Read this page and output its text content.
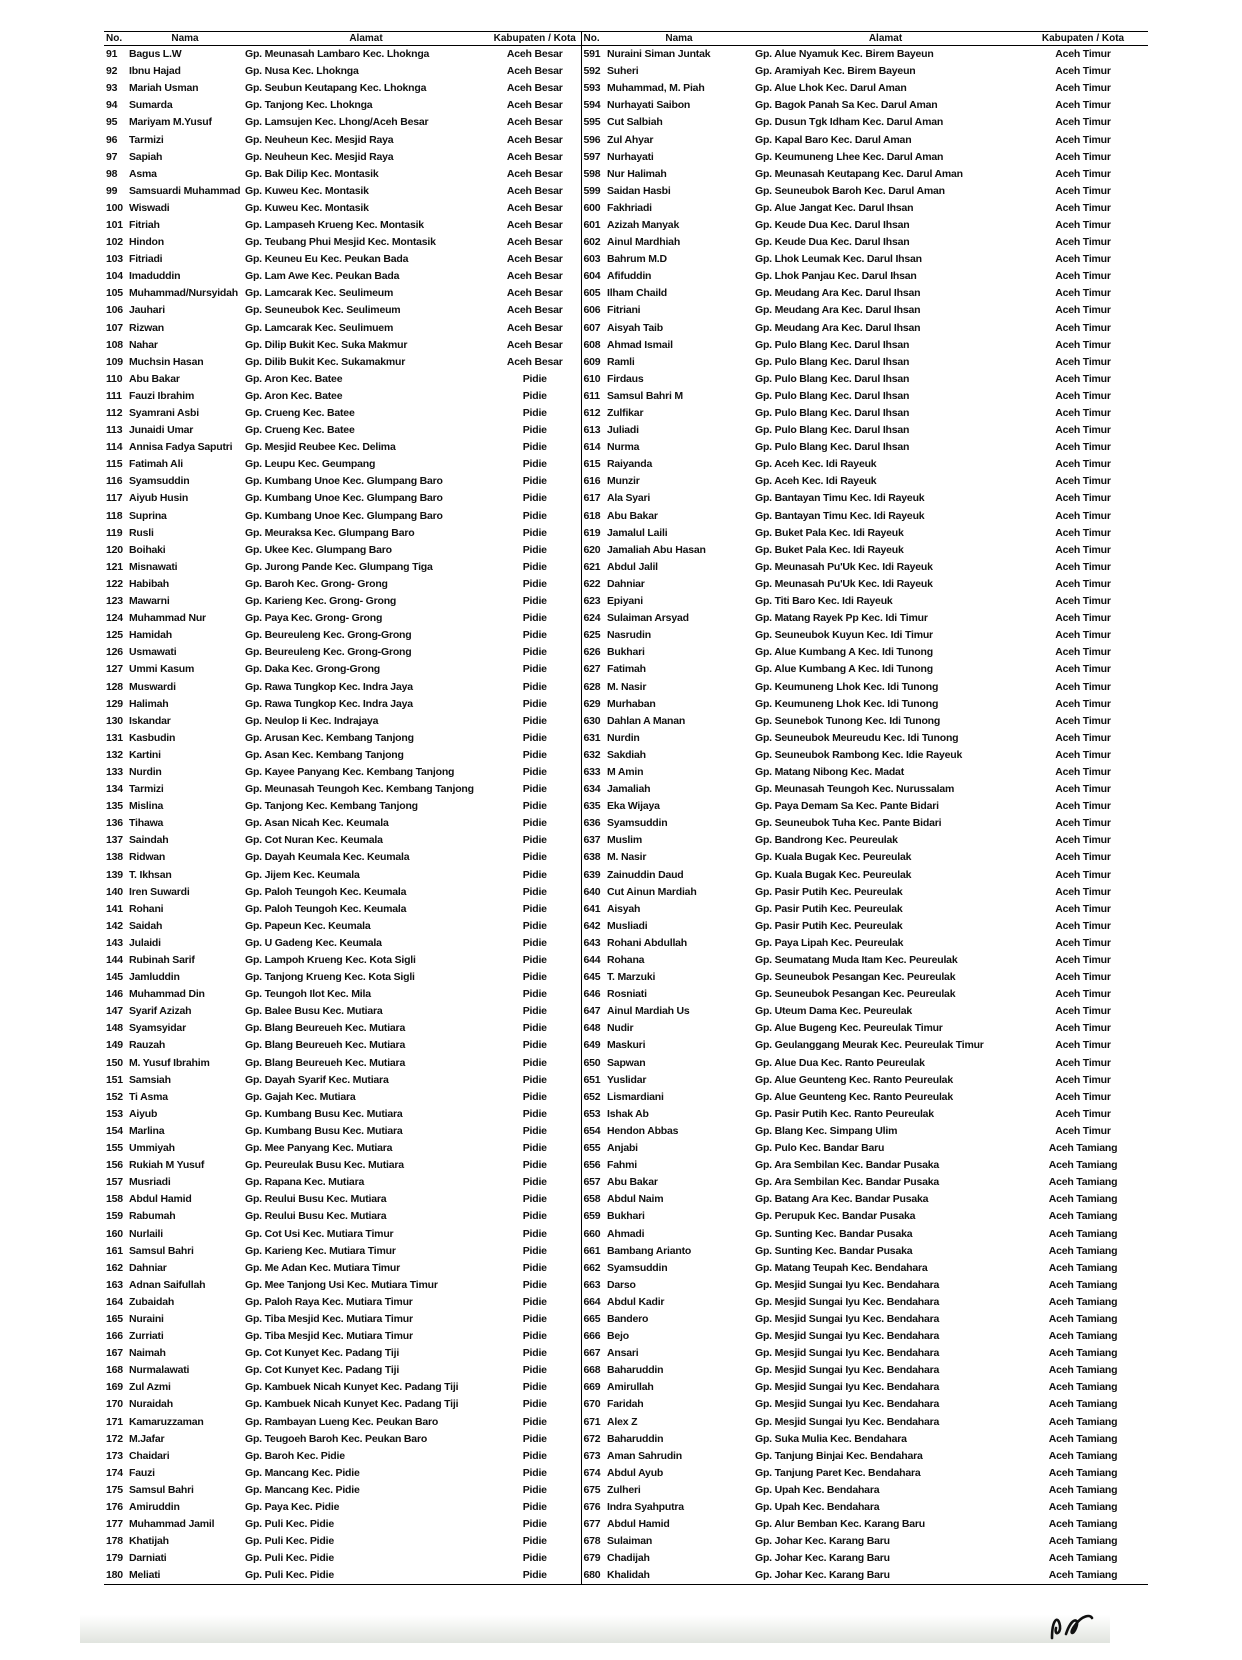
No.	Nama	Alamat	Kabupaten / Kota	No.	Nama	Alamat	Kabupaten / Kota
91	Bagus L.W	Gp. Meunasah Lambaro Kec. Lhoknga	Aceh Besar	591	Nuraini Siman Juntak	Gp. Alue Nyamuk Kec. Birem Bayeun	Aceh Timur
92	Ibnu Hajad	Gp. Nusa Kec. Lhoknga	Aceh Besar	592	Suheri	Gp. Aramiyah Kec. Birem Bayeun	Aceh Timur
93	Mariah Usman	Gp. Seubun Keutapang Kec. Lhoknga	Aceh Besar	593	Muhammad, M. Piah	Gp. Alue Lhok Kec. Darul Aman	Aceh Timur
94	Sumarda	Gp. Tanjong Kec. Lhoknga	Aceh Besar	594	Nurhayati Saibon	Gp. Bagok Panah Sa Kec. Darul Aman	Aceh Timur
95	Mariyam M.Yusuf	Gp. Lamsujen Kec. Lhong/Aceh Besar	Aceh Besar	595	Cut Salbiah	Gp. Dusun Tgk Idham Kec. Darul Aman	Aceh Timur
96	Tarmizi	Gp. Neuheun Kec. Mesjid Raya	Aceh Besar	596	Zul Ahyar	Gp. Kapal Baro Kec. Darul Aman	Aceh Timur
97	Sapiah	Gp. Neuheun Kec. Mesjid Raya	Aceh Besar	597	Nurhayati	Gp. Keumuneng Lhee Kec. Darul Aman	Aceh Timur
98	Asma	Gp. Bak Dilip Kec. Montasik	Aceh Besar	598	Nur Halimah	Gp. Meunasah Keutapang Kec. Darul Aman	Aceh Timur
99	Samsuardi Muhammad	Gp. Kuweu Kec. Montasik	Aceh Besar	599	Saidan Hasbi	Gp. Seuneubok Baroh Kec. Darul Aman	Aceh Timur
100	Wiswadi	Gp. Kuweu Kec. Montasik	Aceh Besar	600	Fakhriadi	Gp. Alue Jangat Kec. Darul Ihsan	Aceh Timur
101	Fitriah	Gp. Lampaseh Krueng Kec. Montasik	Aceh Besar	601	Azizah Manyak	Gp. Keude Dua Kec. Darul Ihsan	Aceh Timur
102	Hindon	Gp. Teubang Phui Mesjid Kec. Montasik	Aceh Besar	602	Ainul Mardhiah	Gp. Keude Dua Kec. Darul Ihsan	Aceh Timur
103	Fitriadi	Gp. Keuneu Eu Kec. Peukan Bada	Aceh Besar	603	Bahrum M.D	Gp. Lhok Leumak Kec. Darul Ihsan	Aceh Timur
104	Imaduddin	Gp. Lam Awe Kec. Peukan Bada	Aceh Besar	604	Afifuddin	Gp. Lhok Panjau Kec. Darul Ihsan	Aceh Timur
105	Muhammad/Nursyidah	Gp. Lamcarak Kec. Seulimeum	Aceh Besar	605	Ilham Chaild	Gp. Meudang Ara Kec. Darul Ihsan	Aceh Timur
106	Jauhari	Gp. Seuneubok Kec. Seulimeum	Aceh Besar	606	Fitriani	Gp. Meudang Ara Kec. Darul Ihsan	Aceh Timur
107	Rizwan	Gp. Lamcarak Kec. Seulimuem	Aceh Besar	607	Aisyah Taib	Gp. Meudang Ara Kec. Darul Ihsan	Aceh Timur
108	Nahar	Gp. Dilip Bukit Kec. Suka Makmur	Aceh Besar	608	Ahmad Ismail	Gp. Pulo Blang Kec. Darul Ihsan	Aceh Timur
109	Muchsin Hasan	Gp. Dilib Bukit Kec. Sukamakmur	Aceh Besar	609	Ramli	Gp. Pulo Blang Kec. Darul Ihsan	Aceh Timur
110	Abu Bakar	Gp. Aron Kec. Batee	Pidie	610	Firdaus	Gp. Pulo Blang Kec. Darul Ihsan	Aceh Timur
111	Fauzi Ibrahim	Gp. Aron Kec. Batee	Pidie	611	Samsul Bahri M	Gp. Pulo Blang Kec. Darul Ihsan	Aceh Timur
112	Syamrani Asbi	Gp. Crueng Kec. Batee	Pidie	612	Zulfikar	Gp. Pulo Blang Kec. Darul Ihsan	Aceh Timur
113	Junaidi Umar	Gp. Crueng Kec. Batee	Pidie	613	Juliadi	Gp. Pulo Blang Kec. Darul Ihsan	Aceh Timur
114	Annisa Fadya Saputri	Gp. Mesjid Reubee Kec. Delima	Pidie	614	Nurma	Gp. Pulo Blang Kec. Darul Ihsan	Aceh Timur
115	Fatimah Ali	Gp. Leupu Kec. Geumpang	Pidie	615	Raiyanda	Gp. Aceh Kec. Idi Rayeuk	Aceh Timur
116	Syamsuddin	Gp. Kumbang Unoe Kec. Glumpang Baro	Pidie	616	Munzir	Gp. Aceh Kec. Idi Rayeuk	Aceh Timur
117	Aiyub Husin	Gp. Kumbang Unoe Kec. Glumpang Baro	Pidie	617	Ala Syari	Gp. Bantayan Timu Kec. Idi Rayeuk	Aceh Timur
118	Suprina	Gp. Kumbang Unoe Kec. Glumpang Baro	Pidie	618	Abu Bakar	Gp. Bantayan Timu Kec. Idi Rayeuk	Aceh Timur
119	Rusli	Gp. Meuraksa Kec. Glumpang Baro	Pidie	619	Jamalul Laili	Gp. Buket Pala Kec. Idi Rayeuk	Aceh Timur
120	Boihaki	Gp. Ukee Kec. Glumpang Baro	Pidie	620	Jamaliah Abu Hasan	Gp. Buket Pala Kec. Idi Rayeuk	Aceh Timur
121	Misnawati	Gp. Jurong Pande Kec. Glumpang Tiga	Pidie	621	Abdul Jalil	Gp. Meunasah Pu'Uk Kec. Idi Rayeuk	Aceh Timur
122	Habibah	Gp. Baroh Kec. Grong- Grong	Pidie	622	Dahniar	Gp. Meunasah Pu'Uk Kec. Idi Rayeuk	Aceh Timur
123	Mawarni	Gp. Karieng Kec. Grong- Grong	Pidie	623	Epiyani	Gp. Titi Baro Kec. Idi Rayeuk	Aceh Timur
124	Muhammad Nur	Gp. Paya Kec. Grong- Grong	Pidie	624	Sulaiman Arsyad	Gp. Matang Rayek Pp Kec. Idi Timur	Aceh Timur
125	Hamidah	Gp. Beureuleng Kec. Grong-Grong	Pidie	625	Nasrudin	Gp. Seuneubok Kuyun Kec. Idi Timur	Aceh Timur
126	Usmawati	Gp. Beureuleng Kec. Grong-Grong	Pidie	626	Bukhari	Gp. Alue Kumbang A Kec. Idi Tunong	Aceh Timur
127	Ummi Kasum	Gp. Daka Kec. Grong-Grong	Pidie	627	Fatimah	Gp. Alue Kumbang A Kec. Idi Tunong	Aceh Timur
128	Muswardi	Gp. Rawa Tungkop Kec. Indra Jaya	Pidie	628	M. Nasir	Gp. Keumuneng Lhok Kec. Idi Tunong	Aceh Timur
129	Halimah	Gp. Rawa Tungkop Kec. Indra Jaya	Pidie	629	Murhaban	Gp. Keumuneng Lhok Kec. Idi Tunong	Aceh Timur
130	Iskandar	Gp. Neulop Ii Kec. Indrajaya	Pidie	630	Dahlan A Manan	Gp. Seunebok Tunong Kec. Idi Tunong	Aceh Timur
131	Kasbudin	Gp. Arusan Kec. Kembang Tanjong	Pidie	631	Nurdin	Gp. Seuneubok Meureudu Kec. Idi Tunong	Aceh Timur
132	Kartini	Gp. Asan Kec. Kembang Tanjong	Pidie	632	Sakdiah	Gp. Seuneubok Rambong Kec. Idie Rayeuk	Aceh Timur
133	Nurdin	Gp. Kayee Panyang Kec. Kembang Tanjong	Pidie	633	M Amin	Gp. Matang Nibong Kec. Madat	Aceh Timur
134	Tarmizi	Gp. Meunasah Teungoh Kec. Kembang Tanjong	Pidie	634	Jamaliah	Gp. Meunasah Teungoh Kec. Nurussalam	Aceh Timur
135	Mislina	Gp. Tanjong Kec. Kembang Tanjong	Pidie	635	Eka Wijaya	Gp. Paya Demam Sa Kec. Pante Bidari	Aceh Timur
136	Tihawa	Gp. Asan Nicah Kec. Keumala	Pidie	636	Syamsuddin	Gp. Seuneubok Tuha Kec. Pante Bidari	Aceh Timur
137	Saindah	Gp. Cot Nuran Kec. Keumala	Pidie	637	Muslim	Gp. Bandrong Kec. Peureulak	Aceh Timur
138	Ridwan	Gp. Dayah Keumala Kec. Keumala	Pidie	638	M. Nasir	Gp. Kuala Bugak Kec. Peureulak	Aceh Timur
139	T. Ikhsan	Gp. Jijem Kec. Keumala	Pidie	639	Zainuddin Daud	Gp. Kuala Bugak Kec. Peureulak	Aceh Timur
140	Iren Suwardi	Gp. Paloh Teungoh Kec. Keumala	Pidie	640	Cut Ainun Mardiah	Gp. Pasir Putih Kec. Peureulak	Aceh Timur
141	Rohani	Gp. Paloh Teungoh Kec. Keumala	Pidie	641	Aisyah	Gp. Pasir Putih Kec. Peureulak	Aceh Timur
142	Saidah	Gp. Papeun Kec. Keumala	Pidie	642	Musliadi	Gp. Pasir Putih Kec. Peureulak	Aceh Timur
143	Julaidi	Gp. U Gadeng Kec. Keumala	Pidie	643	Rohani Abdullah	Gp. Paya Lipah Kec. Peureulak	Aceh Timur
144	Rubinah Sarif	Gp. Lampoh Krueng Kec. Kota Sigli	Pidie	644	Rohana	Gp. Seumatang Muda Itam Kec. Peureulak	Aceh Timur
145	Jamluddin	Gp. Tanjong Krueng Kec. Kota Sigli	Pidie	645	T. Marzuki	Gp. Seuneubok Pesangan Kec. Peureulak	Aceh Timur
146	Muhammad Din	Gp. Teungoh Ilot Kec. Mila	Pidie	646	Rosniati	Gp. Seuneubok Pesangan Kec. Peureulak	Aceh Timur
147	Syarif Azizah	Gp. Balee Busu Kec. Mutiara	Pidie	647	Ainul Mardiah Us	Gp. Uteum Dama Kec. Peureulak	Aceh Timur
148	Syamsyidar	Gp. Blang Beureueh Kec. Mutiara	Pidie	648	Nudir	Gp. Alue Bugeng Kec. Peureulak Timur	Aceh Timur
149	Rauzah	Gp. Blang Beureueh Kec. Mutiara	Pidie	649	Maskuri	Gp. Geulanggang Meurak Kec. Peureulak Timur	Aceh Timur
150	M. Yusuf Ibrahim	Gp. Blang Beureueh Kec. Mutiara	Pidie	650	Sapwan	Gp. Alue Dua Kec. Ranto Peureulak	Aceh Timur
151	Samsiah	Gp. Dayah Syarif Kec. Mutiara	Pidie	651	Yuslidar	Gp. Alue Geunteng Kec. Ranto Peureulak	Aceh Timur
152	Ti Asma	Gp. Gajah Kec. Mutiara	Pidie	652	Lismardiani	Gp. Alue Geunteng Kec. Ranto Peureulak	Aceh Timur
153	Aiyub	Gp. Kumbang Busu Kec. Mutiara	Pidie	653	Ishak Ab	Gp. Pasir Putih Kec. Ranto Peureulak	Aceh Timur
154	Marlina	Gp. Kumbang Busu Kec. Mutiara	Pidie	654	Hendon Abbas	Gp. Blang Kec. Simpang Ulim	Aceh Timur
155	Ummiyah	Gp. Mee Panyang Kec. Mutiara	Pidie	655	Anjabi	Gp. Pulo Kec. Bandar Baru	Aceh Tamiang
156	Rukiah M Yusuf	Gp. Peureulak Busu Kec. Mutiara	Pidie	656	Fahmi	Gp. Ara Sembilan Kec. Bandar Pusaka	Aceh Tamiang
157	Musriadi	Gp. Rapana Kec. Mutiara	Pidie	657	Abu Bakar	Gp. Ara Sembilan Kec. Bandar Pusaka	Aceh Tamiang
158	Abdul Hamid	Gp. Reului Busu Kec. Mutiara	Pidie	658	Abdul Naim	Gp. Batang Ara Kec. Bandar Pusaka	Aceh Tamiang
159	Rabumah	Gp. Reului Busu Kec. Mutiara	Pidie	659	Bukhari	Gp. Perupuk Kec. Bandar Pusaka	Aceh Tamiang
160	Nurlaili	Gp. Cot Usi Kec. Mutiara Timur	Pidie	660	Ahmadi	Gp. Sunting Kec. Bandar Pusaka	Aceh Tamiang
161	Samsul Bahri	Gp. Karieng Kec. Mutiara Timur	Pidie	661	Bambang Arianto	Gp. Sunting Kec. Bandar Pusaka	Aceh Tamiang
162	Dahniar	Gp. Me Adan Kec. Mutiara Timur	Pidie	662	Syamsuddin	Gp. Matang Teupah Kec. Bendahara	Aceh Tamiang
163	Adnan Saifullah	Gp. Mee Tanjong Usi Kec. Mutiara Timur	Pidie	663	Darso	Gp. Mesjid Sungai Iyu Kec. Bendahara	Aceh Tamiang
164	Zubaidah	Gp. Paloh Raya Kec. Mutiara Timur	Pidie	664	Abdul Kadir	Gp. Mesjid Sungai Iyu Kec. Bendahara	Aceh Tamiang
165	Nuraini	Gp. Tiba Mesjid Kec. Mutiara Timur	Pidie	665	Bandero	Gp. Mesjid Sungai Iyu Kec. Bendahara	Aceh Tamiang
166	Zurriati	Gp. Tiba Mesjid Kec. Mutiara Timur	Pidie	666	Bejo	Gp. Mesjid Sungai Iyu Kec. Bendahara	Aceh Tamiang
167	Naimah	Gp. Cot Kunyet Kec. Padang Tiji	Pidie	667	Ansari	Gp. Mesjid Sungai Iyu Kec. Bendahara	Aceh Tamiang
168	Nurmalawati	Gp. Cot Kunyet Kec. Padang Tiji	Pidie	668	Baharuddin	Gp. Mesjid Sungai Iyu Kec. Bendahara	Aceh Tamiang
169	Zul Azmi	Gp. Kambuek Nicah Kunyet Kec. Padang Tiji	Pidie	669	Amirullah	Gp. Mesjid Sungai Iyu Kec. Bendahara	Aceh Tamiang
170	Nuraidah	Gp. Kambuek Nicah Kunyet Kec. Padang Tiji	Pidie	670	Faridah	Gp. Mesjid Sungai Iyu Kec. Bendahara	Aceh Tamiang
171	Kamaruzzaman	Gp. Rambayan Lueng Kec. Peukan Baro	Pidie	671	Alex Z	Gp. Mesjid Sungai Iyu Kec. Bendahara	Aceh Tamiang
172	M.Jafar	Gp. Teugoeh Baroh Kec. Peukan Baro	Pidie	672	Baharuddin	Gp. Suka Mulia Kec. Bendahara	Aceh Tamiang
173	Chaidari	Gp. Baroh Kec. Pidie	Pidie	673	Aman Sahrudin	Gp. Tanjung Binjai Kec. Bendahara	Aceh Tamiang
174	Fauzi	Gp. Mancang Kec. Pidie	Pidie	674	Abdul Ayub	Gp. Tanjung Paret Kec. Bendahara	Aceh Tamiang
175	Samsul Bahri	Gp. Mancang Kec. Pidie	Pidie	675	Zulheri	Gp. Upah Kec. Bendahara	Aceh Tamiang
176	Amiruddin	Gp. Paya Kec. Pidie	Pidie	676	Indra Syahputra	Gp. Upah Kec. Bendahara	Aceh Tamiang
177	Muhammad Jamil	Gp. Puli Kec. Pidie	Pidie	677	Abdul Hamid	Gp. Alur Bemban Kec. Karang Baru	Aceh Tamiang
178	Khatijah	Gp. Puli Kec. Pidie	Pidie	678	Sulaiman	Gp. Johar Kec. Karang Baru	Aceh Tamiang
179	Darniati	Gp. Puli Kec. Pidie	Pidie	679	Chadijah	Gp. Johar Kec. Karang Baru	Aceh Tamiang
180	Meliati	Gp. Puli Kec. Pidie	Pidie	680	Khalidah	Gp. Johar Kec. Karang Baru	Aceh Tamiang
